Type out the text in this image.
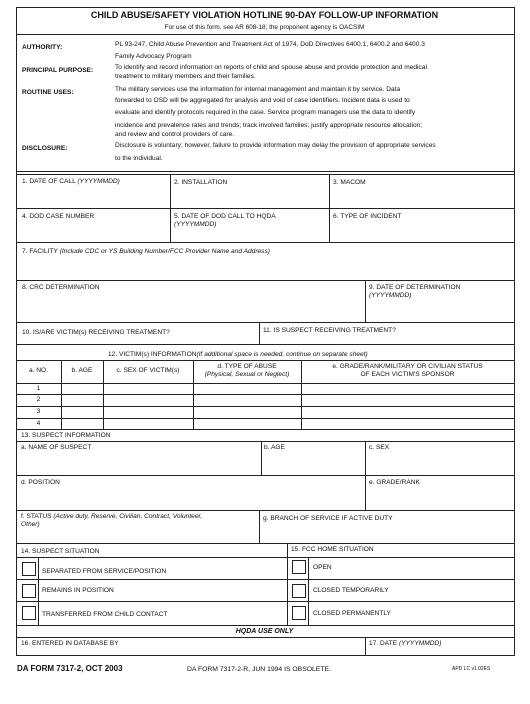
CHILD ABUSE/SAFETY VIOLATION HOTLINE 90-DAY FOLLOW-UP INFORMATION
For use of this form, see AR 608-18; the proponent agency is OACSIM
AUTHORITY:	PL 93-247, Child Abuse Prevention and Treatment Act of 1974, DoD Directives 6400.1, 6400.2 and 6400.3
Family Advocacy Program
PRINCIPAL PURPOSE:	To identify and record information on reports of child and spouse abuse and provide protection and medical
treatment to military members and their families.
ROUTINE USES:	The military services use the information for internal management and maintain it by service. Data
forwarded to OSD will be aggregated for analysis and void of case identifiers. Incident data is used to
evaluate and identify protocols required in the case. Service program managers use the data to identify
incidence and prevalence rates and trends; track involved families; justify appropriate resource allocation;
and review and control providers of care.
DISCLOSURE:	Disclosure is voluntary; however, failure to provide information may delay the provision of appropriate services
to the individual.
1. DATE OF CALL (YYYYMMDD)	2. INSTALLATION	3. MACOM
4. DOD CASE NUMBER	5. DATE OF DOD CALL TO HQDA
(YYYYMMDD)
6. TYPE OF INCIDENT
7. FACILITY (Include CDC or YS Building Number/FCC Provider Name and Address)
8. CRC DETERMINATION	9. DATE OF DETERMINATION
(YYYYMMDD)
10. IS/ARE VICTIM(s) RECEIVING TREATMENT?	11. IS SUSPECT RECEIVING TREATMENT?
12. VICTIM(s) INFORMATION(If additional space is needed, continue on separate sheet)
a. NO.	b. AGE	c. SEX OF VICTIM(s)
d. TYPE OF ABUSE
(Physical, Sexual or Neglect)
e. GRADE/RANK/MILITARY OR CIVILIAN STATUS
OF EACH VICTIM'S SPONSOR
1
2
3
4
13. SUSPECT INFORMATION
a. NAME OF SUSPECT	b. AGE	c. SEX
d. POSITION	e. GRADE/RANK
f. STATUS (Active duty, Reserve, Civilian, Contract, Volunteer,
Other)
g. BRANCH OF SERVICE IF ACTIVE DUTY
14. SUSPECT SITUATION	15. FCC HOME SITUATION
SEPARATED FROM SERVICE/POSITION
OPEN
REMAINS IN POSITION	CLOSED TEMPORARILY
TRANSFERRED FROM CHILD CONTACT	CLOSED PERMANENTLY
HQDA USE ONLY
16. ENTERED IN DATABASE BY	17. DATE (YYYYMMDD)
DA FORM 7317-2, OCT 2003	DA FORM 7317-2-R, JUN 1994 IS OBSOLETE.	APD LC v1.02ES
